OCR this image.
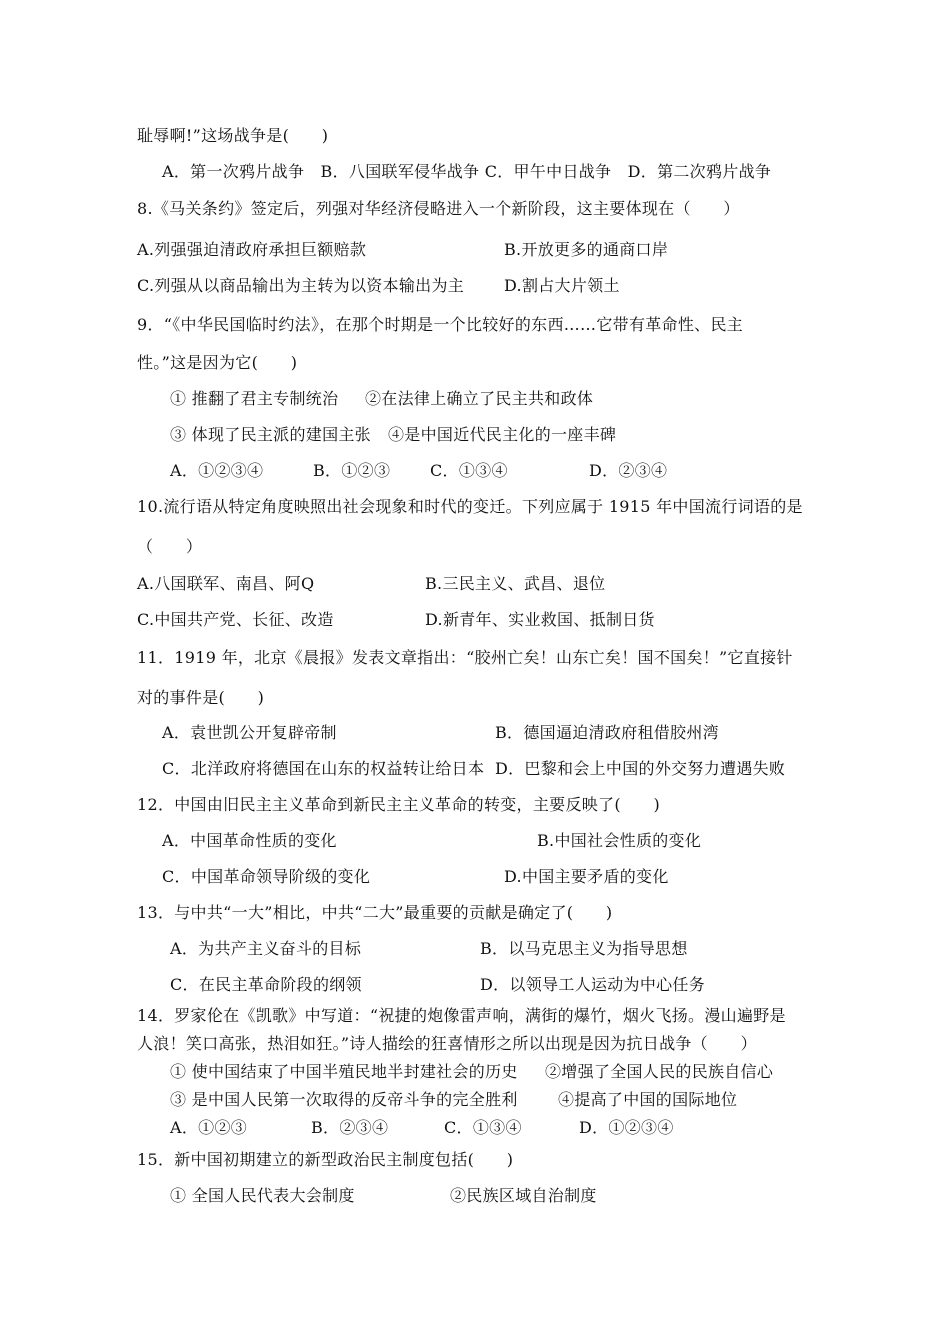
耻辱啊!”这场战争是(　　)
A．第一次鸦片战争　B．八国联军侵华战争 C．甲午中日战争　D．第二次鸦片战争
8.《马关条约》签定后，列强对华经济侵略进入一个新阶段，这主要体现在（　　）
A.列强强迫清政府承担巨额赔款	B.开放更多的通商口岸
C.列强从以商品输出为主转为以资本输出为主 D.割占大片领土
9．“《中华民国临时约法》，在那个时期是一个比较好的东西……它带有革命性、民主
性。”这是因为它(　　)
① 推翻了君主专制统治 ②在法律上确立了民主共和政体
③ 体现了民主派的建国主张 ④是中国近代民主化的一座丰碑
A．①②③④	B．①②③ C．①③④	D．②③④
10.流行语从特定角度映照出社会现象和时代的变迁。下列应属于 1915 年中国流行词语的是
（　　）
A.八国联军、南昌、阿Q	B.三民主义、武昌、退位
C.中国共产党、长征、改造	D.新青年、实业救国、抵制日货
11．1919 年，北京《晨报》发表文章指出：“胶州亡矣！山东亡矣！国不国矣！”它直接针
对的事件是(　　)
A．袁世凯公开复辟帝制	B．德国逼迫清政府租借胶州湾
C．北洋政府将德国在山东的权益转让给日本 D．巴黎和会上中国的外交努力遭遇失败
12．中国由旧民主主义革命到新民主主义革命的转变，主要反映了(　　)
A．中国革命性质的变化	B.中国社会性质的变化
C．中国革命领导阶级的变化	D.中国主要矛盾的变化
13．与中共“一大”相比，中共“二大”最重要的贡献是确定了(　　)
A．为共产主义奋斗的目标	B．以马克思主义为指导思想
C．在民主革命阶段的纲领	D．以领导工人运动为中心任务
14．罗家伦在《凯歌》中写道：“祝捷的炮像雷声响，满街的爆竹，烟火飞扬。漫山遍野是
人浪！笑口高张，热泪如狂。”诗人描绘的狂喜情形之所以出现是因为抗日战争（　　）
① 使中国结束了中国半殖民地半封建社会的历史 ②增强了全国人民的民族自信心
③ 是中国人民第一次取得的反帝斗争的完全胜利	④提高了中国的国际地位
A．①②③	B．②③④	C．①③④	D．①②③④
15．新中国初期建立的新型政治民主制度包括(　　)
① 全国人民代表大会制度	②民族区域自治制度
